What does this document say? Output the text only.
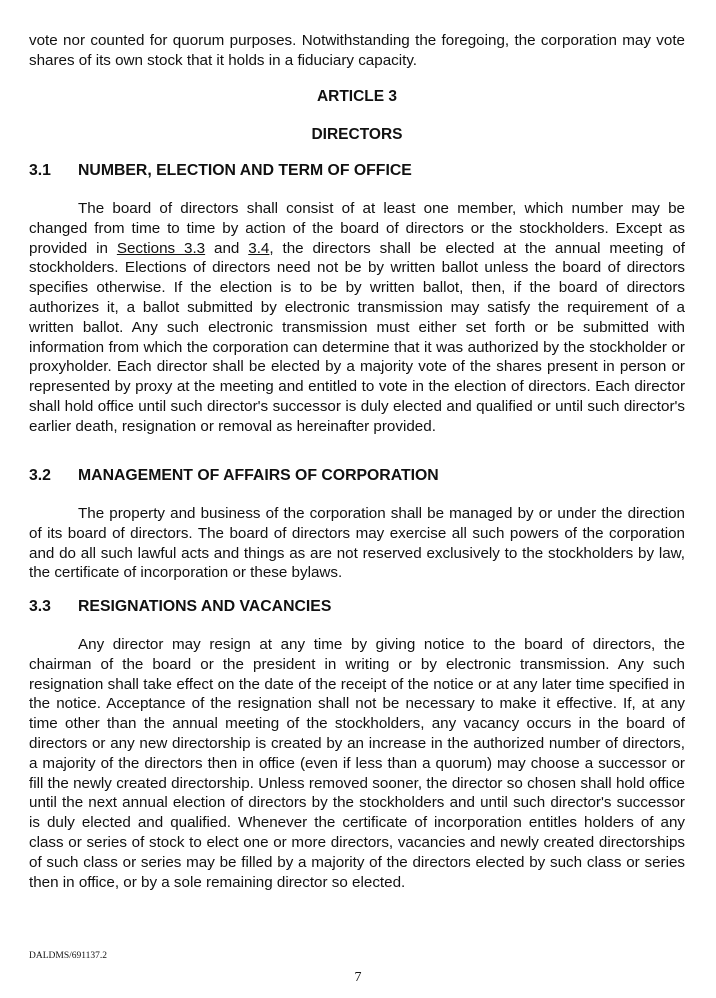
vote nor counted for quorum purposes. Notwithstanding the foregoing, the corporation may vote shares of its own stock that it holds in a fiduciary capacity.

ARTICLE 3

DIRECTORS

3.1 NUMBER, ELECTION AND TERM OF OFFICE

The board of directors shall consist of at least one member, which number may be changed from time to time by action of the board of directors or the stockholders. Except as provided in Sections 3.3 and 3.4, the directors shall be elected at the annual meeting of stockholders. Elections of directors need not be by written ballot unless the board of directors specifies otherwise. If the election is to be by written ballot, then, if the board of directors authorizes it, a ballot submitted by electronic transmission may satisfy the requirement of a written ballot. Any such electronic transmission must either set forth or be submitted with information from which the corporation can determine that it was authorized by the stockholder or proxyholder. Each director shall be elected by a majority vote of the shares present in person or represented by proxy at the meeting and entitled to vote in the election of directors. Each director shall hold office until such director's successor is duly elected and qualified or until such director's earlier death, resignation or removal as hereinafter provided.

3.2 MANAGEMENT OF AFFAIRS OF CORPORATION

The property and business of the corporation shall be managed by or under the direction of its board of directors. The board of directors may exercise all such powers of the corporation and do all such lawful acts and things as are not reserved exclusively to the stockholders by law, the certificate of incorporation or these bylaws.

3.3 RESIGNATIONS AND VACANCIES

Any director may resign at any time by giving notice to the board of directors, the chairman of the board or the president in writing or by electronic transmission. Any such resignation shall take effect on the date of the receipt of the notice or at any later time specified in the notice. Acceptance of the resignation shall not be necessary to make it effective. If, at any time other than the annual meeting of the stockholders, any vacancy occurs in the board of directors or any new directorship is created by an increase in the authorized number of directors, a majority of the directors then in office (even if less than a quorum) may choose a successor or fill the newly created directorship. Unless removed sooner, the director so chosen shall hold office until the next annual election of directors by the stockholders and until such director's successor is duly elected and qualified. Whenever the certificate of incorporation entitles holders of any class or series of stock to elect one or more directors, vacancies and newly created directorships of such class or series may be filled by a majority of the directors elected by such class or series then in office, or by a sole remaining director so elected.

DALDMS/691137.2
7
